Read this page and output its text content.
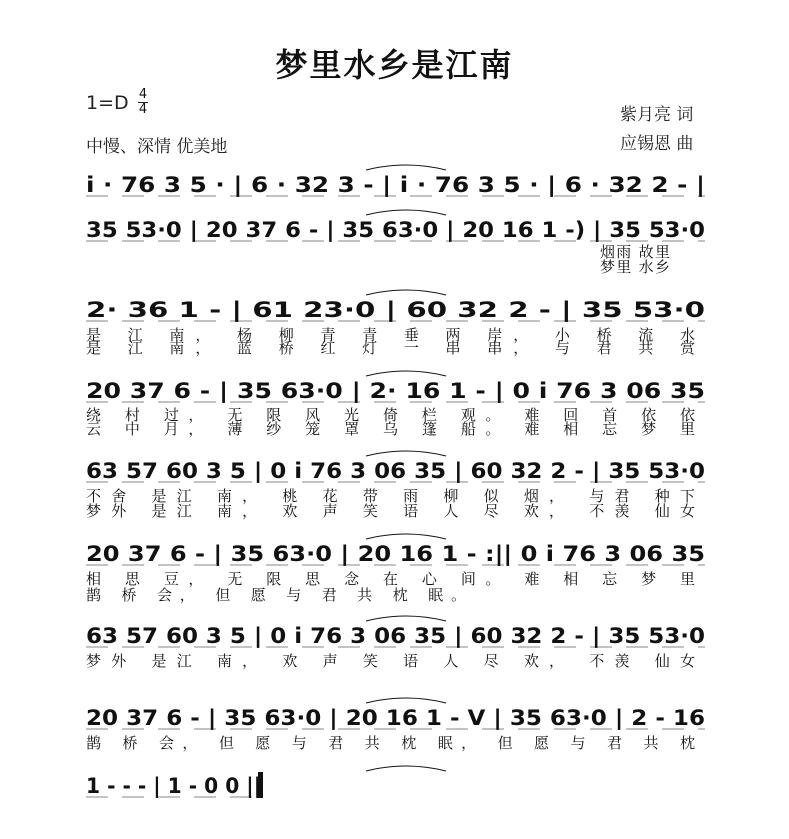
梦里水乡是江南
1=D 4
4
中慢、深情 优美地
紫月亮 词
应锡恩 曲
i · 76 3 5 · | 6 · 32 3 - | i · 76 3 5 · | 6 · 32 2 - |
35 53·0 | 20 37 6 - | 35 63·0 | 20 16 1 -) | 35 53·0
烟雨 故里
梦里 水乡
2· 36 1 - | 61 23·0 | 60 32 2 - | 35 53·0
是 江 南， 杨 柳 青 青 垂 两 岸， 小 桥 流 水
是 江 南， 蓝 桥 红 灯 一 串 串， 与 君 共 赏
20 37 6 - | 35 63·0 | 2· 16 1 - | 0 i 76 3 06 35
绕 村 过， 无 限 风 光 倚 栏 观。 难 回 首 依 依
云 中 月， 薄 纱 笼 罩 乌 篷 船。 难 相 忘 梦 里
63 57 60 3 5 | 0 i 76 3 06 35 | 60 32 2 - | 35 53·0
不舍 是江 南， 桃 花 带 雨 柳 似 烟， 与君 种下
梦外 是江 南， 欢 声 笑 语 人 尽 欢， 不羡 仙女
20 37 6 - | 35 63·0 | 20 16 1 - :|| 0 i 76 3 06 35
相 思 豆， 无 限 思 念 在 心 间。 难 相 忘 梦 里
鹊 桥 会， 但 愿 与 君 共 枕 眠。
63 57 60 3 5 | 0 i 76 3 06 35 | 60 32 2 - | 35 53·0
梦外 是江 南， 欢 声 笑 语 人 尽 欢， 不羡 仙女
20 37 6 - | 35 63·0 | 20 16 1 - V | 35 63·0 | 2 - 16
鹊 桥 会， 但 愿 与 君 共 枕 眠， 但 愿 与 君 共 枕
1 - - - | 1 - 0 0 ||
